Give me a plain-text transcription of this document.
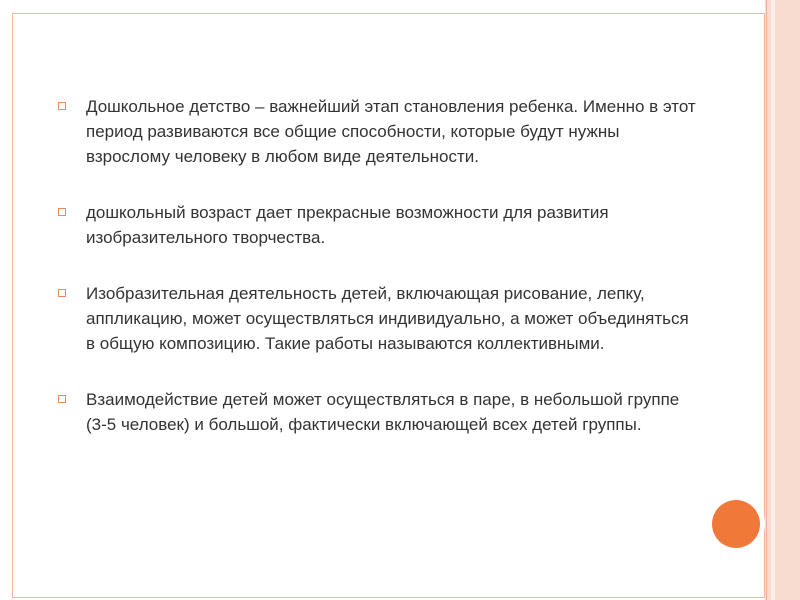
Дошкольное детство – важнейший этап становления ребенка. Именно в этот период развиваются все общие способности, которые будут нужны взрослому человеку в любом виде деятельности.

дошкольный возраст дает прекрасные возможности для развития изобразительного творчества.

Изобразительная деятельность детей, включающая рисование, лепку, аппликацию, может осуществляться индивидуально, а может объединяться в общую композицию. Такие работы называются коллективными.

Взаимодействие детей может осуществляться в паре, в небольшой группе (3-5 человек) и большой, фактически включающей всех детей группы.
